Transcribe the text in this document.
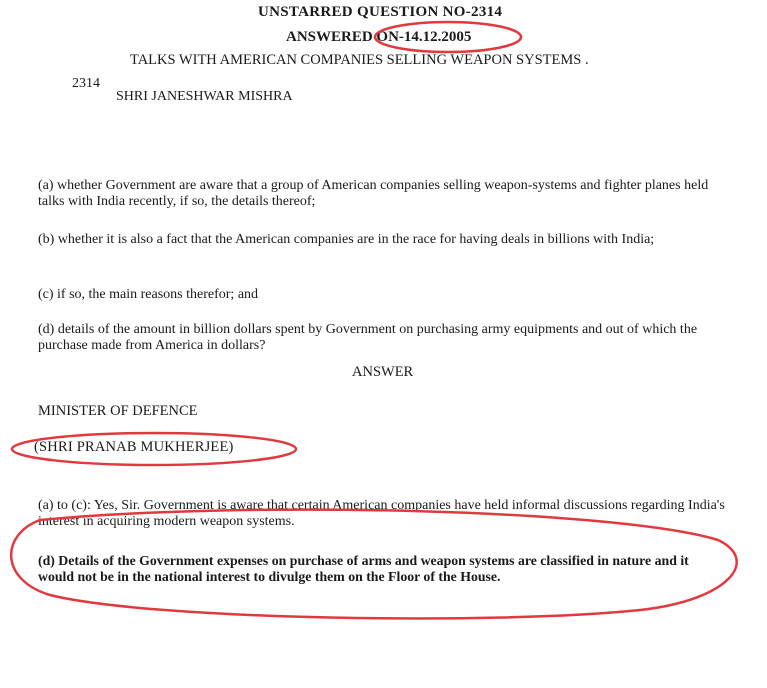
UNSTARRED QUESTION NO-2314
ANSWERED ON-14.12.2005
TALKS WITH AMERICAN COMPANIES SELLING WEAPON SYSTEMS .
2314
SHRI JANESHWAR MISHRA
(a) whether Government are aware that a group of American companies selling weapon-systems and fighter planes held talks with India recently, if so, the details thereof;
(b) whether it is also a fact that the American companies are in the race for having deals in billions with India;
(c) if so, the main reasons therefor; and
(d) details of the amount in billion dollars spent by Government on purchasing army equipments and out of which the purchase made from America in dollars?
ANSWER
MINISTER OF DEFENCE
(SHRI PRANAB MUKHERJEE)
(a) to (c): Yes, Sir. Government is aware that certain American companies have held informal discussions regarding India's interest in acquiring modern weapon systems.
(d) Details of the Government expenses on purchase of arms and weapon systems are classified in nature and it would not be in the national interest to divulge them on the Floor of the House.
